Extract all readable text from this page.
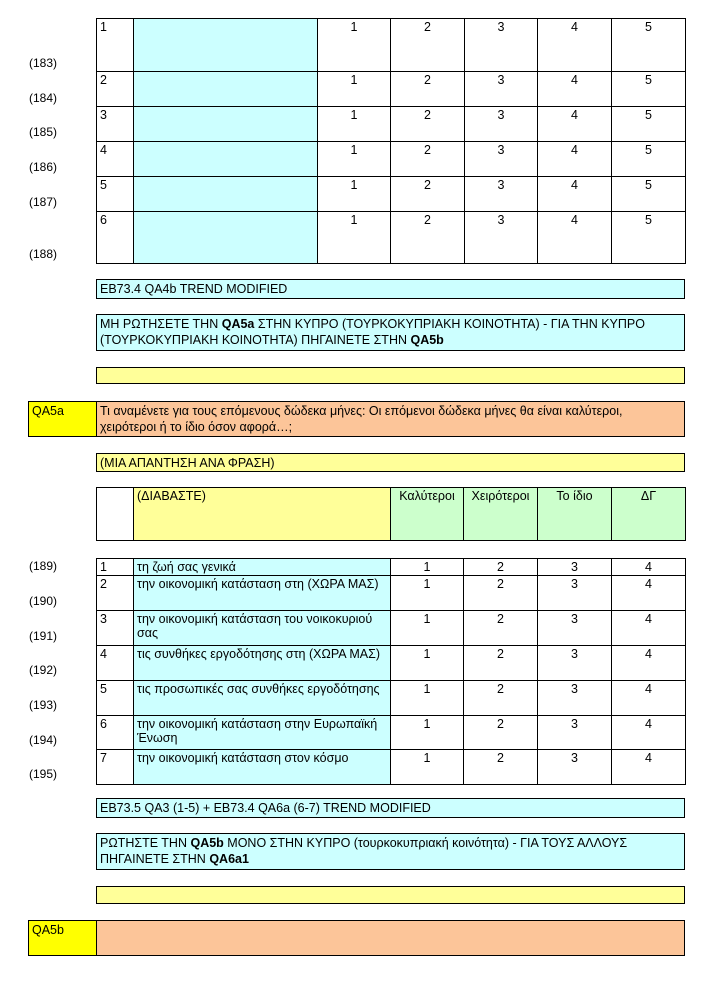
(183)
(184)
(185)
(186)
(187)
(188)
1		1	2	3	4	5
2		1	2	3	4	5
3		1	2	3	4	5
4		1	2	3	4	5
5		1	2	3	4	5
6		1	2	3	4	5
EB73.4 QA4b TREND MODIFIED
ΜΗ ΡΩΤΗΣΕΤΕ ΤΗΝ QA5a ΣΤΗΝ ΚΥΠΡΟ (ΤΟΥΡΚΟΚΥΠΡΙΑΚΗ ΚΟΙΝΟΤΗΤΑ) - ΓΙΑ ΤΗΝ ΚΥΠΡΟ (ΤΟΥΡΚΟΚΥΠΡΙΑΚΗ ΚΟΙΝΟΤΗΤΑ) ΠΗΓΑΙΝΕΤΕ ΣΤΗΝ QA5b
QA5a	Τι αναμένετε για τους επόμενους δώδεκα μήνες: Οι επόμενοι δώδεκα μήνες θα είναι καλύτεροι, χειρότεροι ή το ίδιο όσον αφορά…;
(ΜΙΑ ΑΠΑΝΤΗΣΗ ΑΝΑ ΦΡΑΣΗ)
	(ΔΙΑΒΑΣΤΕ)	Καλύτεροι	Χειρότεροι	Το ίδιο	ΔΓ
(189)
(190)
(191)
(192)
(193)
(194)
(195)
1	τη ζωή σας γενικά	1	2	3	4
2	την οικονομική κατάσταση στη (ΧΩΡΑ ΜΑΣ)	1	2	3	4
3	την οικονομική κατάσταση του νοικοκυριού σας	1	2	3	4
4	τις συνθήκες εργοδότησης στη (ΧΩΡΑ ΜΑΣ)	1	2	3	4
5	τις προσωπικές σας συνθήκες εργοδότησης	1	2	3	4
6	την οικονομική κατάσταση στην Ευρωπαϊκή Ένωση	1	2	3	4
7	την οικονομική κατάσταση στον κόσμο	1	2	3	4
EB73.5 QA3 (1-5) + EB73.4 QA6a (6-7) TREND MODIFIED
ΡΩΤΗΣΤΕ ΤΗΝ QA5b ΜΟΝΟ ΣΤΗΝ ΚΥΠΡΟ (τουρκοκυπριακή κοινότητα) - ΓΙΑ ΤΟΥΣ ΑΛΛΟΥΣ ΠΗΓΑΙΝΕΤΕ ΣΤΗΝ QA6a1
QA5b
